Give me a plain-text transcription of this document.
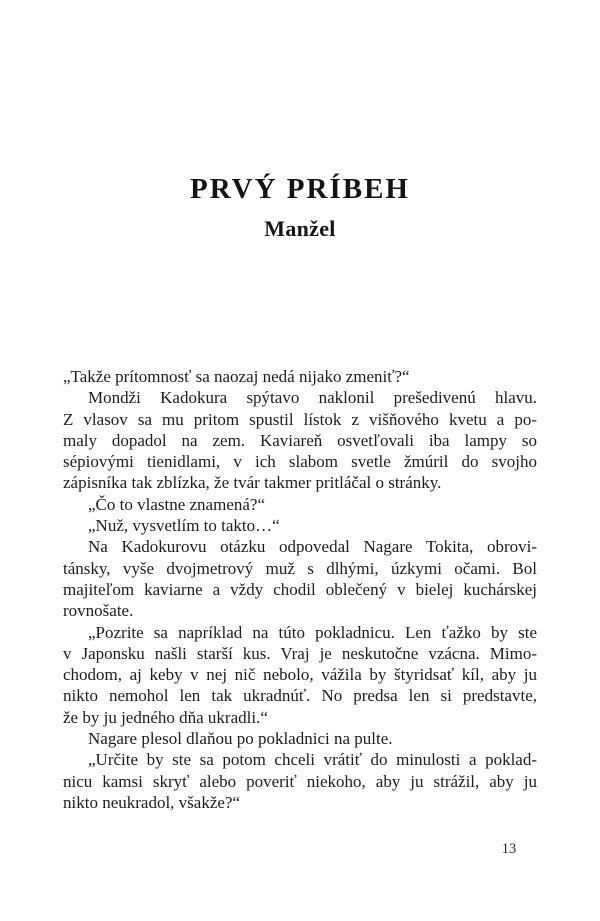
PRVÝ PRÍBEH
Manžel
„Takže prítomnosť sa naozaj nedá nijako zmeniť?“
Mondži Kadokura spýtavo naklonil prešedivenú hlavu.
Z vlasov sa mu pritom spustil lístok z višňového kvetu a po-
maly dopadol na zem. Kaviareň osvetľovali iba lampy so
sépiovými tienidlami, v ich slabom svetle žmúril do svojho
zápisníka tak zblízka, že tvár takmer pritláčal o stránky.
„Čo to vlastne znamená?“
„Nuž, vysvetlím to takto…“
Na Kadokurovu otázku odpovedal Nagare Tokita, obrovi-
tánsky, vyše dvojmetrový muž s dlhými, úzkymi očami. Bol
majiteľom kaviarne a vždy chodil oblečený v bielej kuchárskej
rovnošate.
„Pozrite sa napríklad na túto pokladnicu. Len ťažko by ste
v Japonsku našli starší kus. Vraj je neskutočne vzácna. Mimo-
chodom, aj keby v nej nič nebolo, vážila by štyridsať kíl, aby ju
nikto nemohol len tak ukradnúť. No predsa len si predstavte,
že by ju jedného dňa ukradli.“
Nagare plesol dlaňou po pokladnici na pulte.
„Určite by ste sa potom chceli vrátiť do minulosti a poklad-
nicu kamsi skryť alebo poveriť niekoho, aby ju strážil, aby ju
nikto neukradol, všakže?“
13
